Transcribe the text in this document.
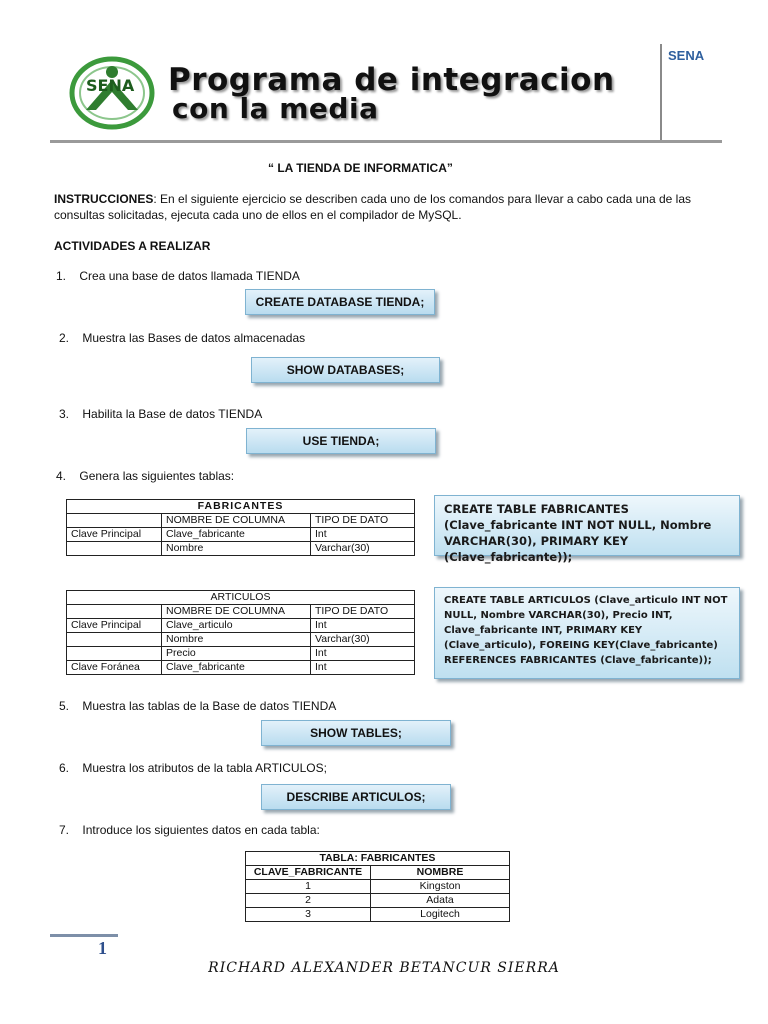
SENA Programa de integracion
con la media
SENA
“ LA TIENDA DE INFORMATICA”
INSTRUCCIONES: En el siguiente ejercicio se describen cada uno de los comandos para llevar a cabo cada una de las
consultas solicitadas, ejecuta cada uno de ellos en el compilador de MySQL.
ACTIVIDADES A REALIZAR
1. Crea una base de datos llamada TIENDA
CREATE DATABASE TIENDA;
2. Muestra las Bases de datos almacenadas
SHOW DATABASES;
3. Habilita la Base de datos TIENDA
USE TIENDA;
4. Genera las siguientes tablas:
FABRICANTES		
	NOMBRE DE COLUMNA	TIPO DE DATO
Clave Principal	Clave_fabricante	Int
	Nombre	Varchar(30)
CREATE TABLE FABRICANTES (Clave_fabricante INT NOT NULL, Nombre VARCHAR(30), PRIMARY KEY (Clave_fabricante));
ARTICULOS		
	NOMBRE DE COLUMNA	TIPO DE DATO
Clave Principal	Clave_articulo	Int
	Nombre	Varchar(30)
	Precio	Int
Clave Foránea	Clave_fabricante	Int
CREATE TABLE ARTICULOS (Clave_articulo INT NOT NULL, Nombre VARCHAR(30), Precio INT, Clave_fabricante INT, PRIMARY KEY (Clave_articulo), FOREING KEY(Clave_fabricante) REFERENCES FABRICANTES (Clave_fabricante));
5. Muestra las tablas de la Base de datos TIENDA
SHOW TABLES;
6. Muestra los atributos de la tabla ARTICULOS;
DESCRIBE ARTICULOS;
7. Introduce los siguientes datos en cada tabla:
TABLA: FABRICANTES	
CLAVE_FABRICANTE	NOMBRE
1	Kingston
2	Adata
3	Logitech
1
RICHARD ALEXANDER BETANCUR SIERRA
